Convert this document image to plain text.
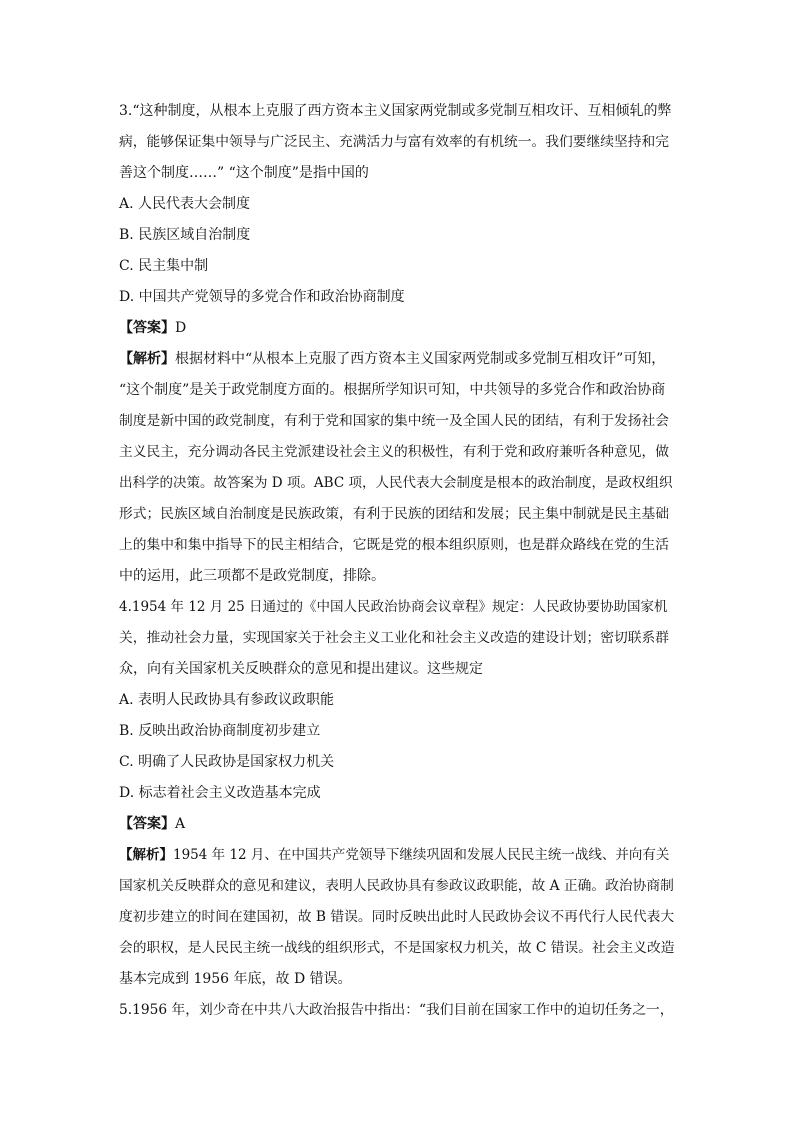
3.“这种制度，从根本上克服了西方资本主义国家两党制或多党制互相攻讦、互相倾轧的弊
病，能够保证集中领导与广泛民主、充满活力与富有效率的有机统一。我们要继续坚持和完
善这个制度……” “这个制度”是指中国的
A. 人民代表大会制度
B. 民族区域自治制度
C. 民主集中制
D. 中国共产党领导的多党合作和政治协商制度
【答案】D
【解析】根据材料中“从根本上克服了西方资本主义国家两党制或多党制互相攻讦”可知，
“这个制度”是关于政党制度方面的。根据所学知识可知，中共领导的多党合作和政治协商
制度是新中国的政党制度，有利于党和国家的集中统一及全国人民的团结，有利于发扬社会
主义民主，充分调动各民主党派建设社会主义的积极性，有利于党和政府兼听各种意见，做
出科学的决策。故答案为 D 项。ABC 项，人民代表大会制度是根本的政治制度，是政权组织
形式；民族区域自治制度是民族政策，有利于民族的团结和发展；民主集中制就是民主基础
上的集中和集中指导下的民主相结合，它既是党的根本组织原则，也是群众路线在党的生活
中的运用，此三项都不是政党制度，排除。
4.1954 年 12 月 25 日通过的《中国人民政治协商会议章程》规定：人民政协要协助国家机
关，推动社会力量，实现国家关于社会主义工业化和社会主义改造的建设计划；密切联系群
众，向有关国家机关反映群众的意见和提出建议。这些规定
A. 表明人民政协具有参政议政职能
B. 反映出政治协商制度初步建立
C. 明确了人民政协是国家权力机关
D. 标志着社会主义改造基本完成
【答案】A
【解析】1954 年 12 月、在中国共产党领导下继续巩固和发展人民民主统一战线、并向有关
国家机关反映群众的意见和建议，表明人民政协具有参政议政职能，故 A 正确。政治协商制
度初步建立的时间在建国初，故 B 错误。同时反映出此时人民政协会议不再代行人民代表大
会的职权，是人民民主统一战线的组织形式，不是国家权力机关，故 C 错误。社会主义改造
基本完成到 1956 年底，故 D 错误。
5.1956 年，刘少奇在中共八大政治报告中指出：“我们目前在国家工作中的迫切任务之一，
